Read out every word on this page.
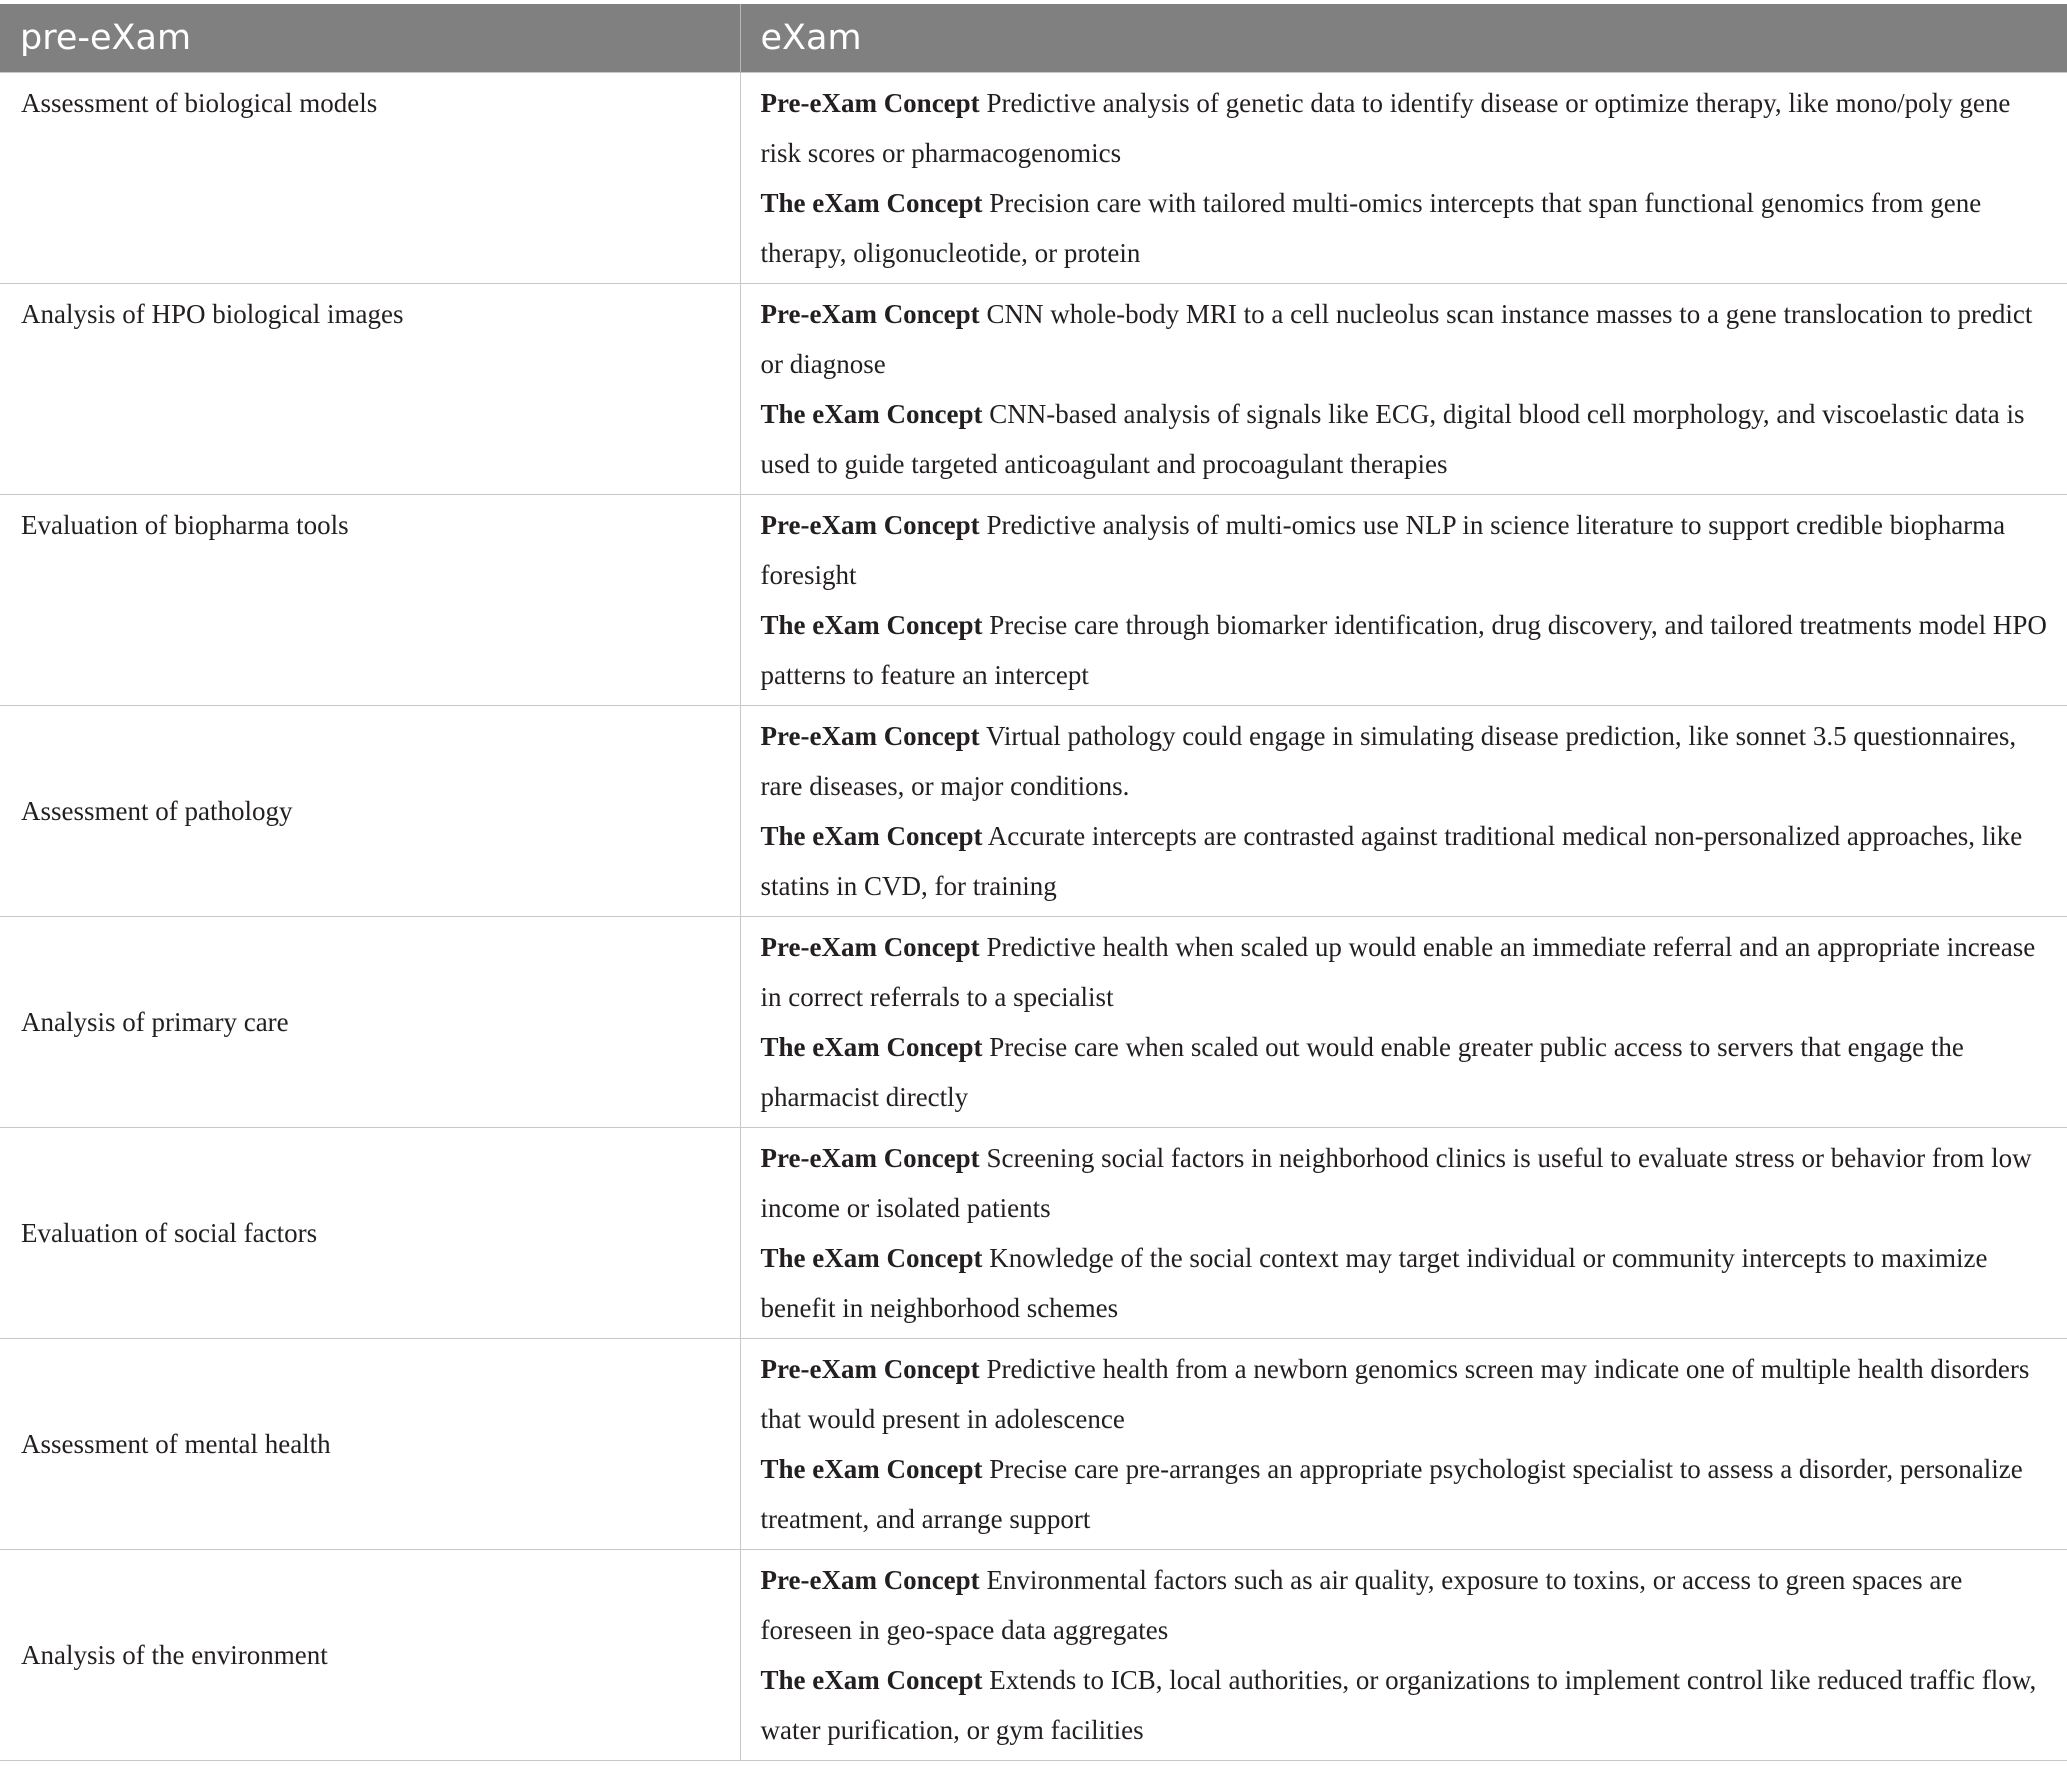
pre-eXam	eXam
Assessment of biological models	Pre-eXam Concept Predictive analysis of genetic data to identify disease or optimize therapy, like mono/poly gene risk scores or pharmacogenomics
The eXam Concept Precision care with tailored multi-omics intercepts that span functional genomics from gene therapy, oligonucleotide, or protein

Analysis of HPO biological images	Pre-eXam Concept CNN whole-body MRI to a cell nucleolus scan instance masses to a gene translocation to predict or diagnose
The eXam Concept CNN-based analysis of signals like ECG, digital blood cell morphology, and viscoelastic data is used to guide targeted anticoagulant and procoagulant therapies

Evaluation of biopharma tools	Pre-eXam Concept Predictive analysis of multi-omics use NLP in science literature to support credible biopharma foresight
The eXam Concept Precise care through biomarker identification, drug discovery, and tailored treatments model HPO patterns to feature an intercept

Assessment of pathology	Pre-eXam Concept Virtual pathology could engage in simulating disease prediction, like sonnet 3.5 questionnaires, rare diseases, or major conditions.
The eXam Concept Accurate intercepts are contrasted against traditional medical non-personalized approaches, like statins in CVD, for training

Analysis of primary care	Pre-eXam Concept Predictive health when scaled up would enable an immediate referral and an appropriate increase in correct referrals to a specialist
The eXam Concept Precise care when scaled out would enable greater public access to servers that engage the pharmacist directly

Evaluation of social factors	Pre-eXam Concept Screening social factors in neighborhood clinics is useful to evaluate stress or behavior from low income or isolated patients
The eXam Concept Knowledge of the social context may target individual or community intercepts to maximize benefit in neighborhood schemes

Assessment of mental health	Pre-eXam Concept Predictive health from a newborn genomics screen may indicate one of multiple health disorders that would present in adolescence
The eXam Concept Precise care pre-arranges an appropriate psychologist specialist to assess a disorder, personalize treatment, and arrange support

Analysis of the environment	Pre-eXam Concept Environmental factors such as air quality, exposure to toxins, or access to green spaces are foreseen in geo-space data aggregates
The eXam Concept Extends to ICB, local authorities, or organizations to implement control like reduced traffic flow, water purification, or gym facilities
